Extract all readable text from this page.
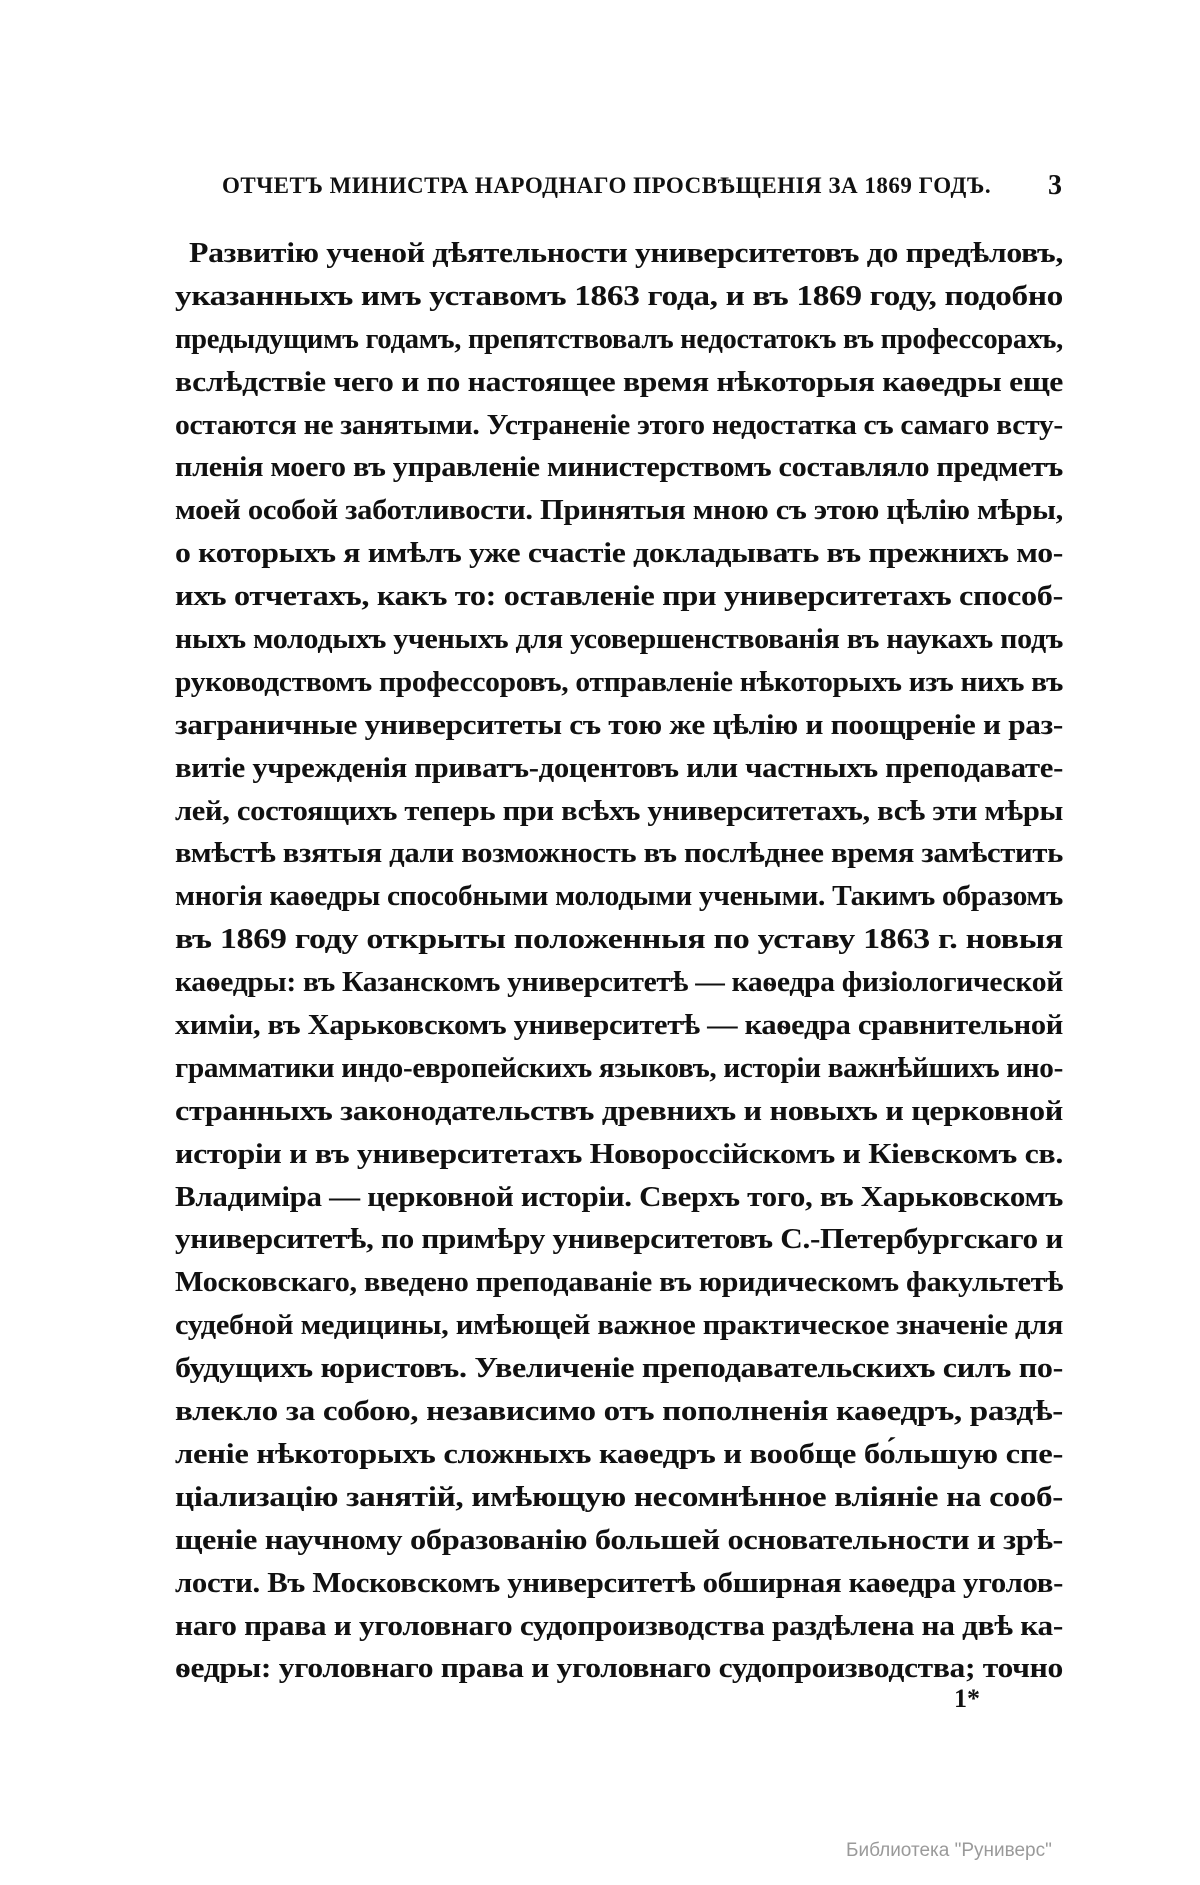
ОТЧЕТЪ МИНИСТРА НАРОДНАГО ПРОСВѢЩЕНІЯ ЗА 1869 ГОДЪ. 3
Развитію ученой дѣятельности университетовъ до предѣловъ,
указанныхъ имъ уставомъ 1863 года, и въ 1869 году, подобно
предыдущимъ годамъ, препятствовалъ недостатокъ въ профессорахъ,
вслѣдствіе чего и по настоящее время нѣкоторыя каѳедры еще
остаются не занятыми. Устраненіе этого недостатка съ самаго всту-
пленія моего въ управленіе министерствомъ составляло предметъ
моей особой заботливости. Принятыя мною съ этою цѣлію мѣры,
о которыхъ я имѣлъ уже счастіе докладывать въ прежнихъ мо-
ихъ отчетахъ, какъ то: оставленіе при университетахъ способ-
ныхъ молодыхъ ученыхъ для усовершенствованія въ наукахъ подъ
руководствомъ профессоровъ, отправленіе нѣкоторыхъ изъ нихъ въ
заграничные университеты съ тою же цѣлію и поощреніе и раз-
витіе учрежденія приватъ-доцентовъ или частныхъ преподавате-
лей, состоящихъ теперь при всѣхъ университетахъ, всѣ эти мѣры
вмѣстѣ взятыя дали возможность въ послѣднее время замѣстить
многія каѳедры способными молодыми учеными. Такимъ образомъ
въ 1869 году открыты положенныя по уставу 1863 г. новыя
каѳедры: въ Казанскомъ университетѣ — каѳедра физіологической
химіи, въ Харьковскомъ университетѣ — каѳедра сравнительной
грамматики индо-европейскихъ языковъ, исторіи важнѣйшихъ ино-
странныхъ законодательствъ древнихъ и новыхъ и церковной
исторіи и въ университетахъ Новороссійскомъ и Кіевскомъ св.
Владиміра — церковной исторіи. Сверхъ того, въ Харьковскомъ
университетѣ, по примѣру университетовъ С.-Петербургскаго и
Московскаго, введено преподаваніе въ юридическомъ факультетѣ
судебной медицины, имѣющей важное практическое значеніе для
будущихъ юристовъ. Увеличеніе преподавательскихъ силъ по-
влекло за собою, независимо отъ пополненія каѳедръ, раздѣ-
леніе нѣкоторыхъ сложныхъ каѳедръ и вообще бо́льшую спе-
ціализацію занятій, имѣющую несомнѣнное вліяніе на сооб-
щеніе научному образованію большей основательности и зрѣ-
лости. Въ Московскомъ университетѣ обширная каѳедра уголов-
наго права и уголовнаго судопроизводства раздѣлена на двѣ ка-
ѳедры: уголовнаго права и уголовнаго судопроизводства; точно
1*
Библиотека "Руниверс"
